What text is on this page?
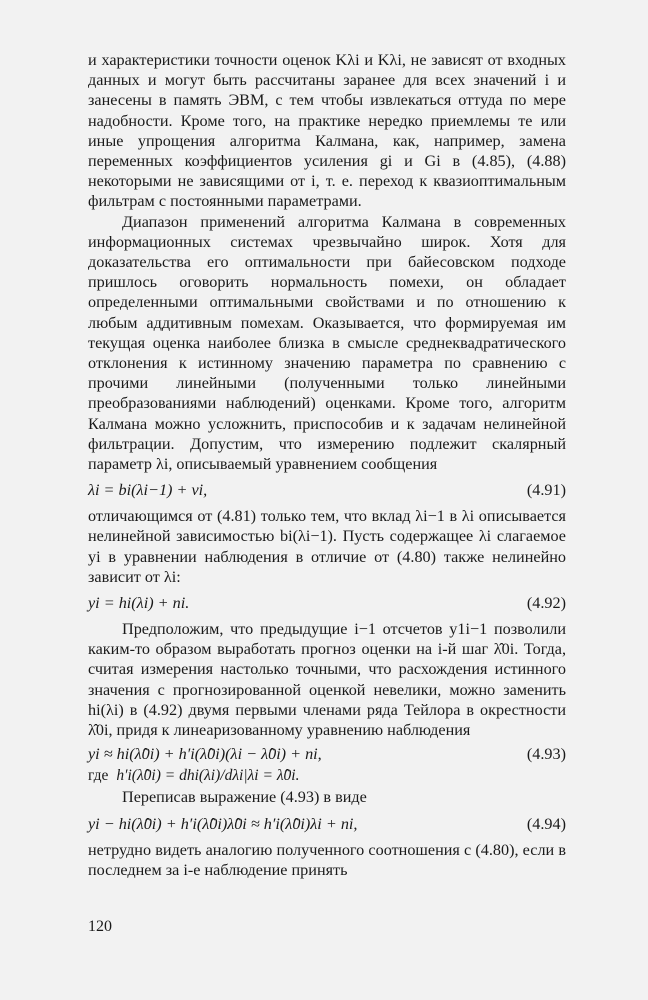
и характеристики точности оценок Kλi и Kλi, не зависят от входных данных и могут быть рассчитаны заранее для всех значений i и занесены в память ЭВМ, с тем чтобы извлекаться оттуда по мере надобности. Кроме того, на практике нередко приемлемы те или иные упрощения алгоритма Калмана, как, например, замена переменных коэффициентов усиления gi и Gi в (4.85), (4.88) некоторыми не зависящими от i, т. е. переход к квазиоптимальным фильтрам с постоянными параметрами.

Диапазон применений алгоритма Калмана в современных информационных системах чрезвычайно широк. Хотя для доказательства его оптимальности при байесовском подходе пришлось оговорить нормальность помехи, он обладает определенными оптимальными свойствами и по отношению к любым аддитивным помехам. Оказывается, что формируемая им текущая оценка наиболее близка в смысле среднеквадратического отклонения к истинному значению параметра по сравнению с прочими линейными (полученными только линейными преобразованиями наблюдений) оценками. Кроме того, алгоритм Калмана можно усложнить, приспособив и к задачам нелинейной фильтрации. Допустим, что измерению подлежит скалярный параметр λi, описываемый уравнением сообщения

λi = bi(λi−1) + vi,	(4.91)

отличающимся от (4.81) только тем, что вклад λi−1 в λi описывается нелинейной зависимостью bi(λi−1). Пусть содержащее λi слагаемое yi в уравнении наблюдения в отличие от (4.80) также нелинейно зависит от λi:

yi = hi(λi) + ni.	(4.92)

Предположим, что предыдущие i−1 отсчетов y1i−1 позволили каким-то образом выработать прогноз оценки на i-й шаг λ̂0i. Тогда, считая измерения настолько точными, что расхождения истинного значения с прогнозированной оценкой невелики, можно заменить hi(λi) в (4.92) двумя первыми членами ряда Тейлора в окрестности λ̂0i, придя к линеаризованному уравнению наблюдения

yi ≈ hi(λ̂0i) + h′i(λ̂0i)(λi − λ̂0i) + ni,	(4.93)
где h′i(λ̂0i) = dhi(λi)/dλi|λi = λ̂0i.

Переписав выражение (4.93) в виде

yi − hi(λ̂0i) + h′i(λ̂0i)λ̂0i ≈ h′i(λ̂0i)λi + ni,	(4.94)

нетрудно видеть аналогию полученного соотношения с (4.80), если в последнем за i-е наблюдение принять

120
